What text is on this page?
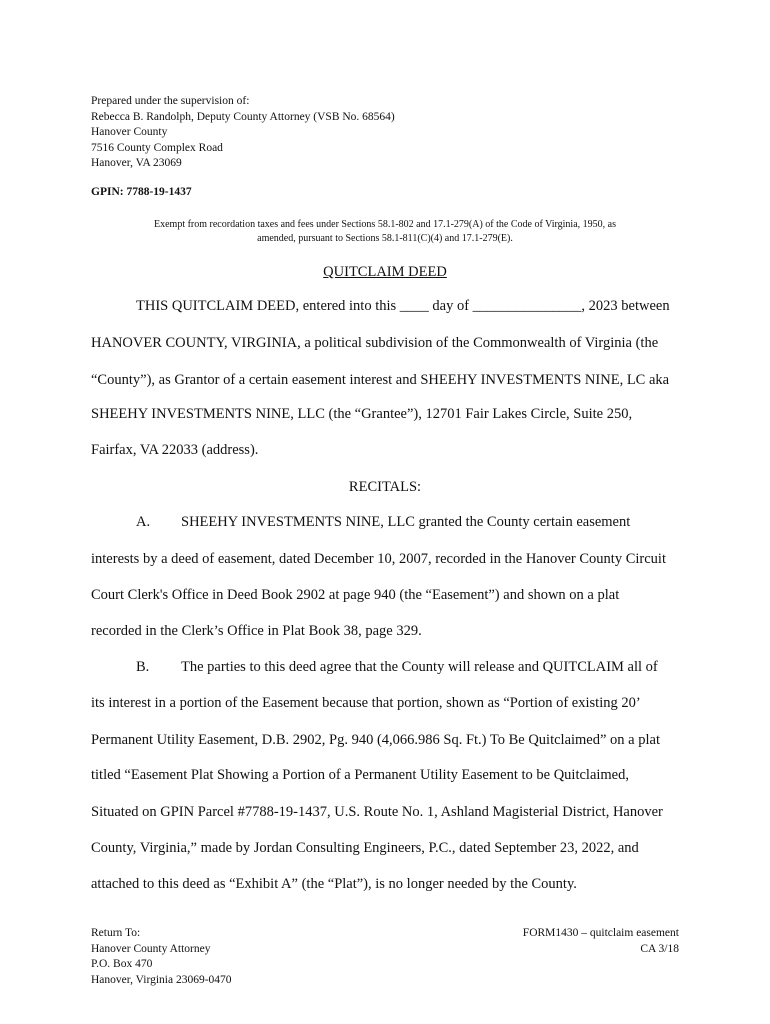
Prepared under the supervision of:
Rebecca B. Randolph, Deputy County Attorney (VSB No. 68564)
Hanover County
7516 County Complex Road
Hanover, VA 23069
GPIN: 7788-19-1437
Exempt from recordation taxes and fees under Sections 58.1-802 and 17.1-279(A) of the Code of Virginia, 1950, as
amended, pursuant to Sections 58.1-811(C)(4) and 17.1-279(E).
QUITCLAIM DEED
THIS QUITCLAIM DEED, entered into this ____ day of _______________, 2023 between
HANOVER COUNTY, VIRGINIA, a political subdivision of the Commonwealth of Virginia (the
“County”), as Grantor of a certain easement interest and SHEEHY INVESTMENTS NINE, LC aka
SHEEHY INVESTMENTS NINE, LLC (the “Grantee”), 12701 Fair Lakes Circle, Suite 250,
Fairfax, VA 22033 (address).
RECITALS:
A. SHEEHY INVESTMENTS NINE, LLC granted the County certain easement
interests by a deed of easement, dated December 10, 2007, recorded in the Hanover County Circuit
Court Clerk's Office in Deed Book 2902 at page 940 (the “Easement”) and shown on a plat
recorded in the Clerk’s Office in Plat Book 38, page 329.
B. The parties to this deed agree that the County will release and QUITCLAIM all of
its interest in a portion of the Easement because that portion, shown as “Portion of existing 20’
Permanent Utility Easement, D.B. 2902, Pg. 940 (4,066.986 Sq. Ft.) To Be Quitclaimed” on a plat
titled “Easement Plat Showing a Portion of a Permanent Utility Easement to be Quitclaimed,
Situated on GPIN Parcel #7788-19-1437, U.S. Route No. 1, Ashland Magisterial District, Hanover
County, Virginia,” made by Jordan Consulting Engineers, P.C., dated September 23, 2022, and
attached to this deed as “Exhibit A” (the “Plat”), is no longer needed by the County.
Return To:
Hanover County Attorney
P.O. Box 470
Hanover, Virginia 23069-0470
FORM1430 – quitclaim easement
CA 3/18
